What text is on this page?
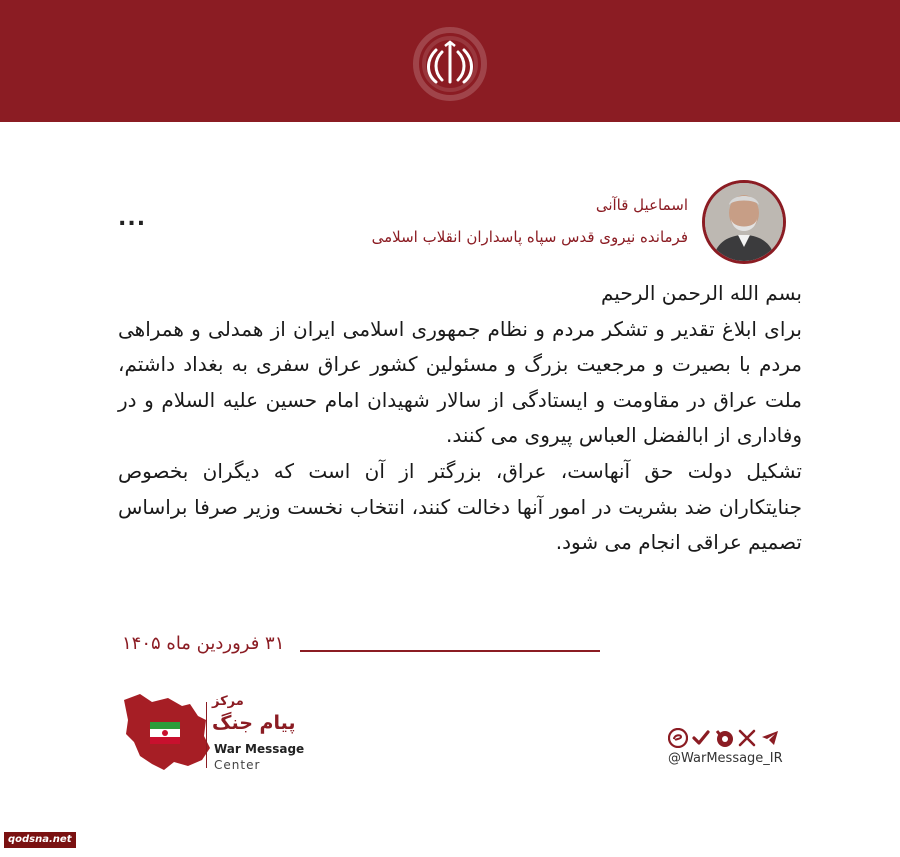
...
اسماعیل قاآنی
فرمانده نیروی قدس سپاه پاسداران انقلاب اسلامی

بسم الله الرحمن الرحیم

برای ابلاغ تقدیر و تشکر مردم و نظام جمهوری اسلامی ایران از همدلی و همراهی مردم با بصیرت و مرجعیت بزرگ و مسئولین کشور عراق سفری به بغداد داشتم، ملت عراق در مقاومت و ایستادگی از سالار شهیدان امام حسین علیه السلام و در وفاداری از ابالفضل العباس پیروی می کنند.

تشکیل دولت حق آنهاست، عراق، بزرگتر از آن است که دیگران بخصوص جنایتکاران ضد بشریت در امور آنها دخالت کنند، انتخاب نخست وزیر صرفا براساس تصمیم عراقی انجام می شود.

۳۱ فروردین ماه ۱۴۰۵
مرکز
پیام جنگ
War Message
Center	@WarMessage_IR
qodsna.net
